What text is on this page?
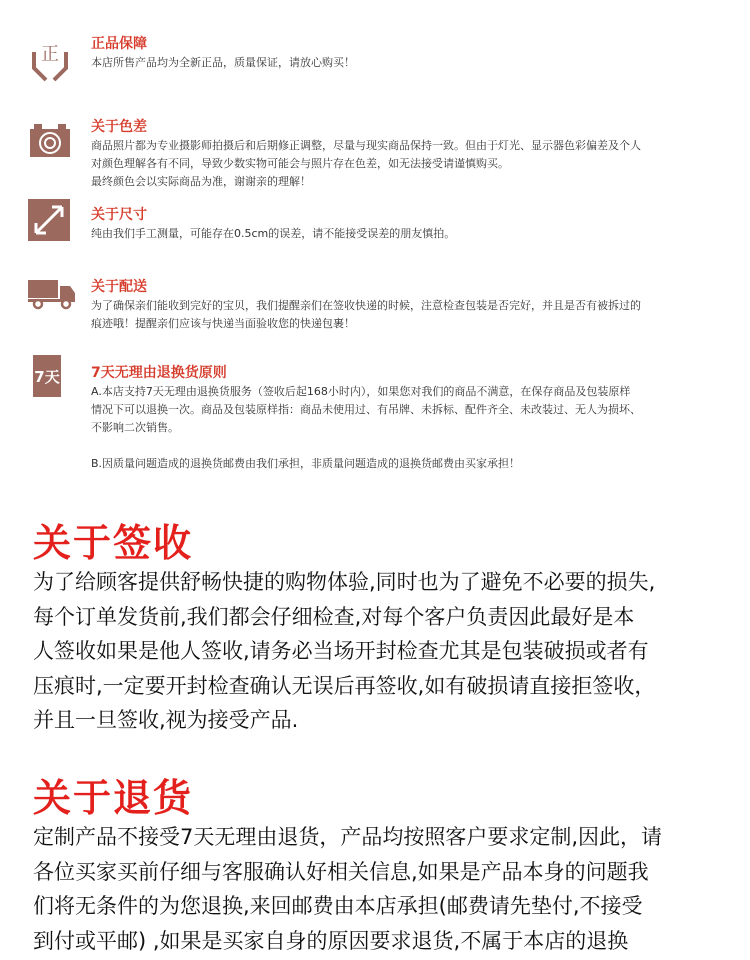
正 正品保障
本店所售产品均为全新正品，质量保证，请放心购买！
关于色差
商品照片都为专业摄影师拍摄后和后期修正调整，尽量与现实商品保持一致。但由于灯光、显示器色彩偏差及个人
对颜色理解各有不同，导致少数实物可能会与照片存在色差，如无法接受请谨慎购买。
最终颜色会以实际商品为准，谢谢亲的理解！
关于尺寸
纯由我们手工测量，可能存在0.5cm的误差，请不能接受误差的朋友慎拍。
关于配送
为了确保亲们能收到完好的宝贝，我们提醒亲们在签收快递的时候，注意检查包装是否完好，并且是否有被拆过的
痕迹哦！提醒亲们应该与快递当面验收您的快递包裹！
7天 7天无理由退换货原则
A.本店支持7天无理由退换货服务（签收后起168小时内），如果您对我们的商品不满意，在保存商品及包装原样
情况下可以退换一次。商品及包装原样指：商品未使用过、有吊牌、未拆标、配件齐全、未改装过、无人为损坏、
不影响二次销售。
B.因质量问题造成的退换货邮费由我们承担，非质量问题造成的退换货邮费由买家承担！
关于签收
为了给顾客提供舒畅快捷的购物体验,同时也为了避免不必要的损失,
每个订单发货前,我们都会仔细检查,对每个客户负责因此最好是本
人签收如果是他人签收,请务必当场开封检查尤其是包装破损或者有
压痕时,一定要开封检查确认无误后再签收,如有破损请直接拒签收，
并且一旦签收,视为接受产品.
关于退货
定制产品不接受7天无理由退货，产品均按照客户要求定制,因此，请
各位买家买前仔细与客服确认好相关信息,如果是产品本身的问题我
们将无条件的为您退换,来回邮费由本店承担(邮费请先垫付,不接受
到付或平邮) ,如果是买家自身的原因要求退货,不属于本店的退换
